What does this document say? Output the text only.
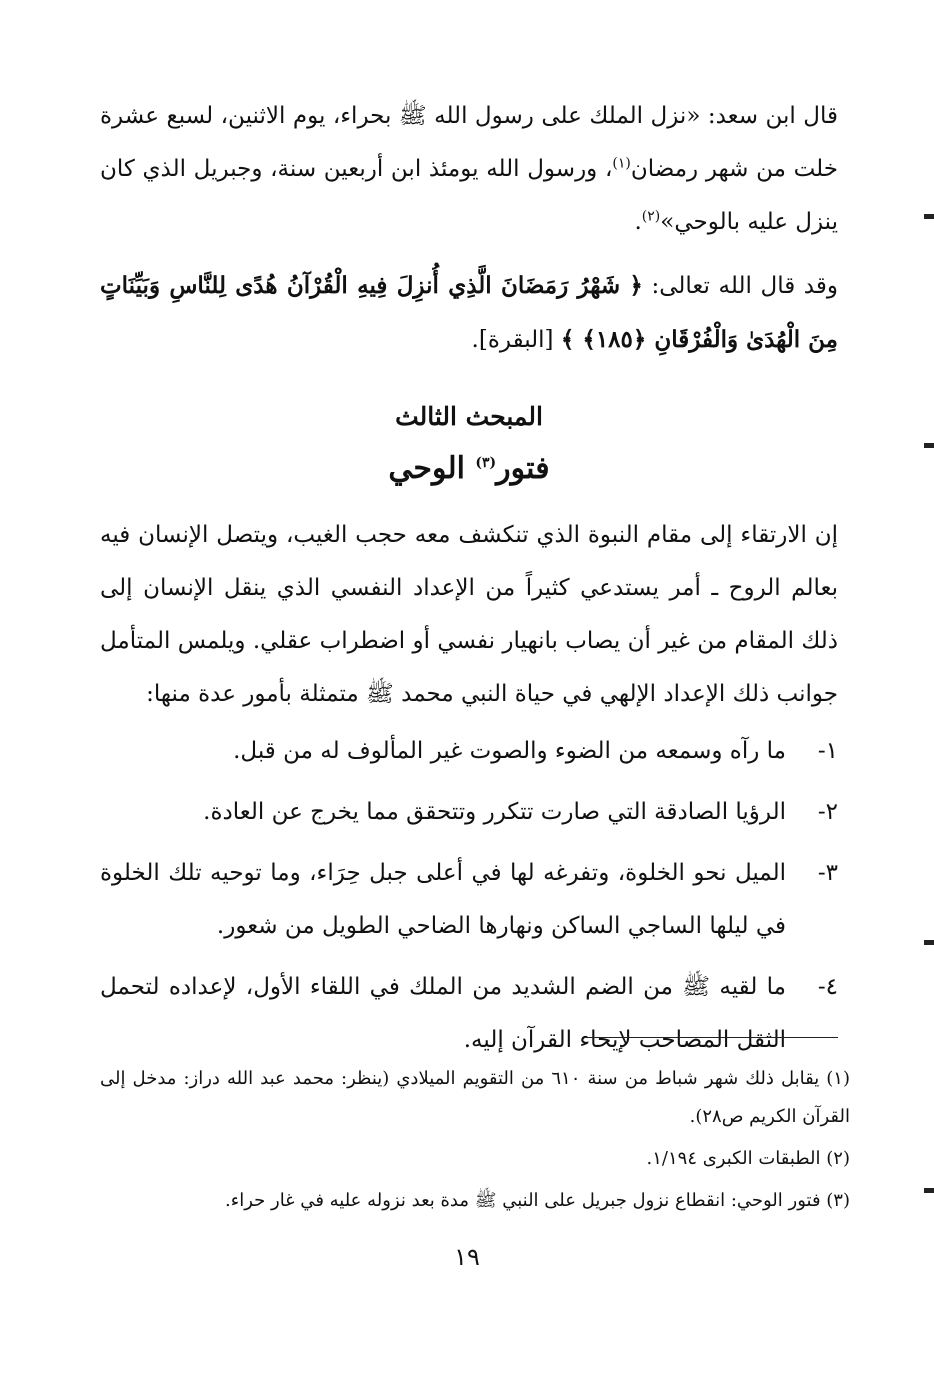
قال ابن سعد: «نزل الملك على رسول الله ﷺ بحراء، يوم الاثنين، لسبع عشرة خلت من شهر رمضان$^{(١)}$، ورسول الله يومئذ ابن أربعين سنة، وجبريل الذي كان ينزل عليه بالوحي»$^{(٢)}$.

وقد قال الله تعالى: ﴿ شَهْرُ رَمَضَانَ الَّذِي أُنزِلَ فِيهِ الْقُرْآنُ هُدًى لِلنَّاسِ وَبَيِّنَاتٍ مِنَ الْهُدَىٰ وَالْفُرْقَانِ ﴿١٨٥﴾ ﴾ [البقرة].

المبحث الثالث
فتور$^{(٣)}$ الوحي

إن الارتقاء إلى مقام النبوة الذي تنكشف معه حجب الغيب، ويتصل الإنسان فيه بعالم الروح ـ أمر يستدعي كثيراً من الإعداد النفسي الذي ينقل الإنسان إلى ذلك المقام من غير أن يصاب بانهيار نفسي أو اضطراب عقلي. ويلمس المتأمل جوانب ذلك الإعداد الإلهي في حياة النبي محمد ﷺ متمثلة بأمور عدة منها:

١-
ما رآه وسمعه من الضوء والصوت غير المألوف له من قبل.
٢-
الرؤيا الصادقة التي صارت تتكرر وتتحقق مما يخرج عن العادة.
٣-
الميل نحو الخلوة، وتفرغه لها في أعلى جبل حِرَاء، وما توحيه تلك الخلوة في ليلها الساجي الساكن ونهارها الضاحي الطويل من شعور.
٤-
ما لقيه ﷺ من الضم الشديد من الملك في اللقاء الأول، لإعداده لتحمل الثقل المصاحب لإيحاء القرآن إليه.
(١) يقابل ذلك شهر شباط من سنة ٦١٠ من التقويم الميلادي (ينظر: محمد عبد الله دراز: مدخل إلى القرآن الكريم ص٢٨).
(٢) الطبقات الكبرى ١/١٩٤.
(٣) فتور الوحي: انقطاع نزول جبريل على النبي ﷺ مدة بعد نزوله عليه في غار حراء.
١٩
